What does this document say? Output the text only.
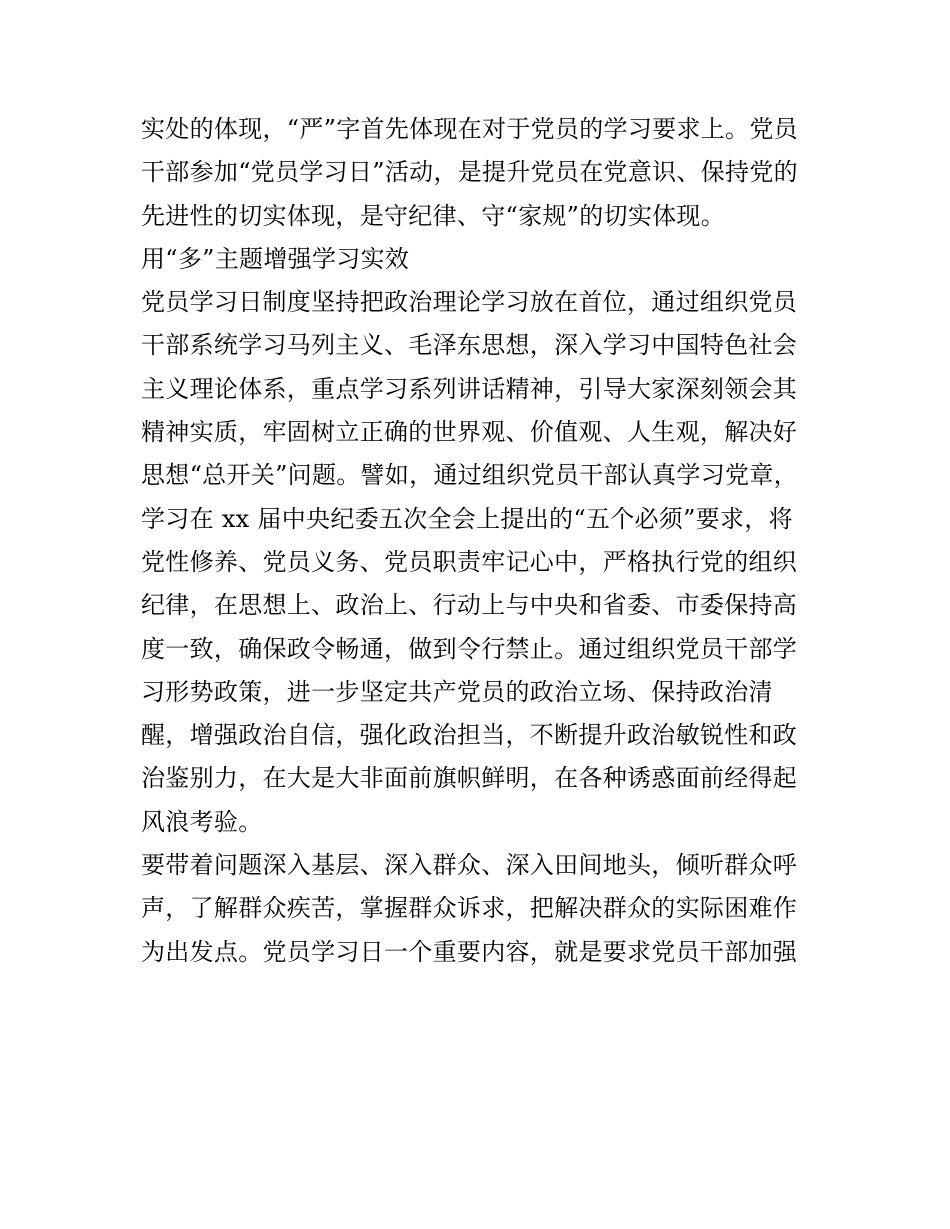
实处的体现，“严”字首先体现在对于党员的学习要求上。党员
干部参加“党员学习日”活动，是提升党员在党意识、保持党的
先进性的切实体现，是守纪律、守“家规”的切实体现。
用“多”主题增强学习实效
党员学习日制度坚持把政治理论学习放在首位，通过组织党员
干部系统学习马列主义、毛泽东思想，深入学习中国特色社会
主义理论体系，重点学习系列讲话精神，引导大家深刻领会其
精神实质，牢固树立正确的世界观、价值观、人生观，解决好
思想“总开关”问题。譬如，通过组织党员干部认真学习党章，
学习在 xx 届中央纪委五次全会上提出的“五个必须”要求，将
党性修养、党员义务、党员职责牢记心中，严格执行党的组织
纪律，在思想上、政治上、行动上与中央和省委、市委保持高
度一致，确保政令畅通，做到令行禁止。通过组织党员干部学
习形势政策，进一步坚定共产党员的政治立场、保持政治清
醒，增强政治自信，强化政治担当，不断提升政治敏锐性和政
治鉴别力，在大是大非面前旗帜鲜明，在各种诱惑面前经得起
风浪考验。
要带着问题深入基层、深入群众、深入田间地头，倾听群众呼
声，了解群众疾苦，掌握群众诉求，把解决群众的实际困难作
为出发点。党员学习日一个重要内容，就是要求党员干部加强
